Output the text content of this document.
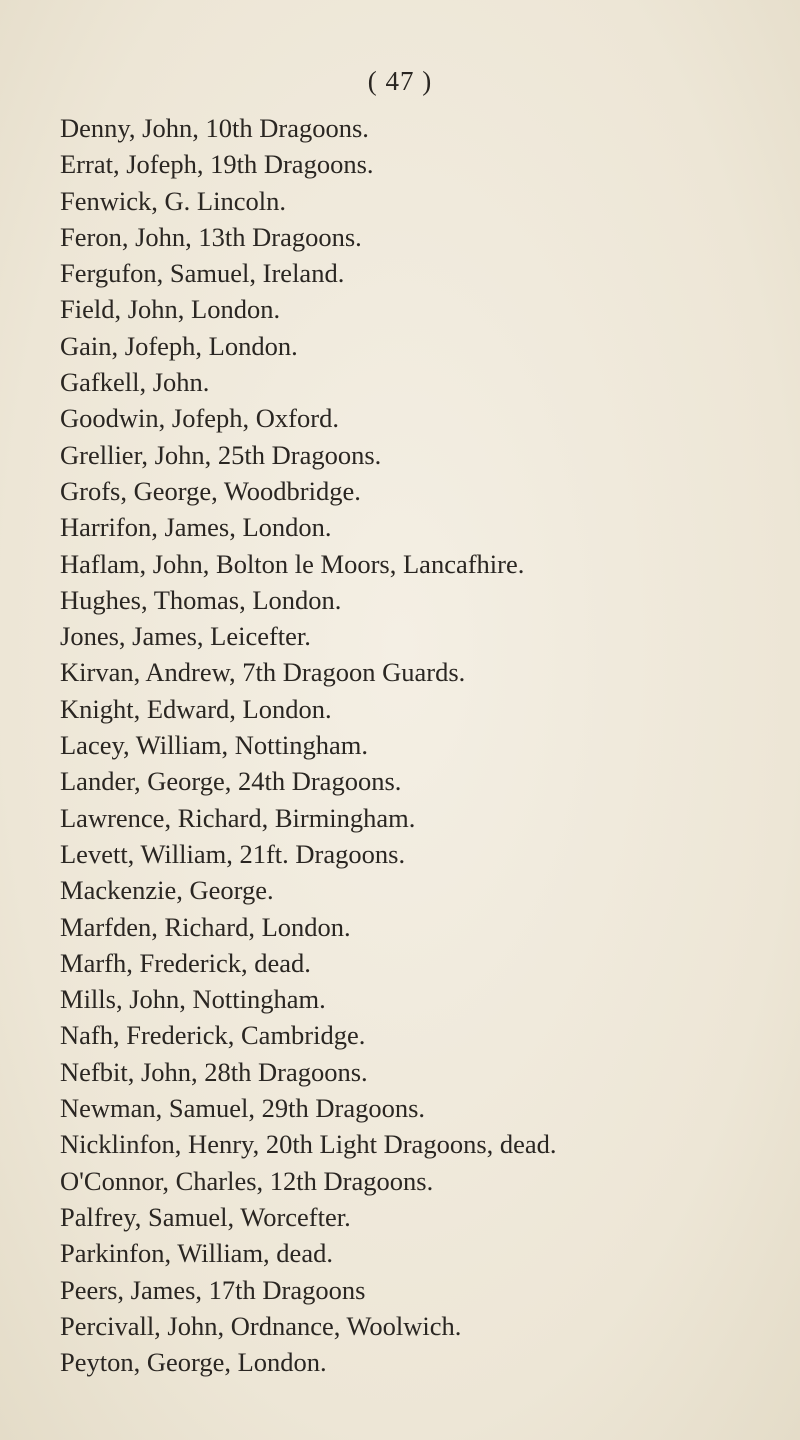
( 47 )
Denny, John, 10th Dragoons.
Errat, Jofeph, 19th Dragoons.
Fenwick, G. Lincoln.
Feron, John, 13th Dragoons.
Fergufon, Samuel, Ireland.
Field, John, London.
Gain, Jofeph, London.
Gafkell, John.
Goodwin, Jofeph, Oxford.
Grellier, John, 25th Dragoons.
Grofs, George, Woodbridge.
Harrifon, James, London.
Haflam, John, Bolton le Moors, Lancafhire.
Hughes, Thomas, London.
Jones, James, Leicefter.
Kirvan, Andrew, 7th Dragoon Guards.
Knight, Edward, London.
Lacey, William, Nottingham.
Lander, George, 24th Dragoons.
Lawrence, Richard, Birmingham.
Levett, William, 21ft. Dragoons.
Mackenzie, George.
Marfden, Richard, London.
Marfh, Frederick, dead.
Mills, John, Nottingham.
Nafh, Frederick, Cambridge.
Nefbit, John, 28th Dragoons.
Newman, Samuel, 29th Dragoons.
Nicklinfon, Henry, 20th Light Dragoons, dead.
O'Connor, Charles, 12th Dragoons.
Palfrey, Samuel, Worcefter.
Parkinfon, William, dead.
Peers, James, 17th Dragoons
Percivall, John, Ordnance, Woolwich.
Peyton, George, London.
